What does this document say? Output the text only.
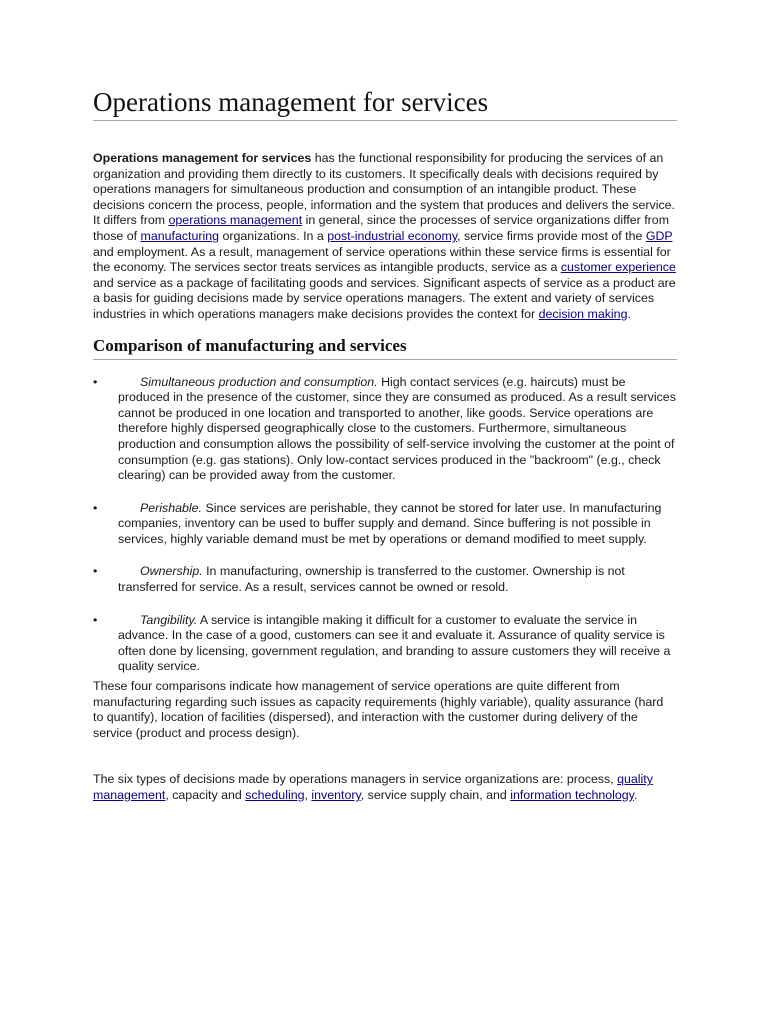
Operations management for services

Operations management for services has the functional responsibility for producing the services of an organization and providing them directly to its customers. It specifically deals with decisions required by operations managers for simultaneous production and consumption of an intangible product. These decisions concern the process, people, information and the system that produces and delivers the service. It differs from operations management in general, since the processes of service organizations differ from those of manufacturing organizations. In a post-industrial economy, service firms provide most of the GDP and employment. As a result, management of service operations within these service firms is essential for the economy. The services sector treats services as intangible products, service as a customer experience and service as a package of facilitating goods and services. Significant aspects of service as a product are a basis for guiding decisions made by service operations managers. The extent and variety of services industries in which operations managers make decisions provides the context for decision making.

Comparison of manufacturing and services
•	Simultaneous production and consumption. High contact services (e.g. haircuts) must be produced in the presence of the customer, since they are consumed as produced. As a result services cannot be produced in one location and transported to another, like goods. Service operations are therefore highly dispersed geographically close to the customers. Furthermore, simultaneous production and consumption allows the possibility of self-service involving the customer at the point of consumption (e.g. gas stations). Only low-contact services produced in the "backroom" (e.g., check clearing) can be provided away from the customer.
•	Perishable. Since services are perishable, they cannot be stored for later use. In manufacturing companies, inventory can be used to buffer supply and demand. Since buffering is not possible in services, highly variable demand must be met by operations or demand modified to meet supply.
•	Ownership. In manufacturing, ownership is transferred to the customer. Ownership is not transferred for service. As a result, services cannot be owned or resold.
•	Tangibility. A service is intangible making it difficult for a customer to evaluate the service in advance. In the case of a good, customers can see it and evaluate it. Assurance of quality service is often done by licensing, government regulation, and branding to assure customers they will receive a quality service.

These four comparisons indicate how management of service operations are quite different from manufacturing regarding such issues as capacity requirements (highly variable), quality assurance (hard to quantify), location of facilities (dispersed), and interaction with the customer during delivery of the service (product and process design).

The six types of decisions made by operations managers in service organizations are: process, quality management, capacity and scheduling, inventory, service supply chain, and information technology.
